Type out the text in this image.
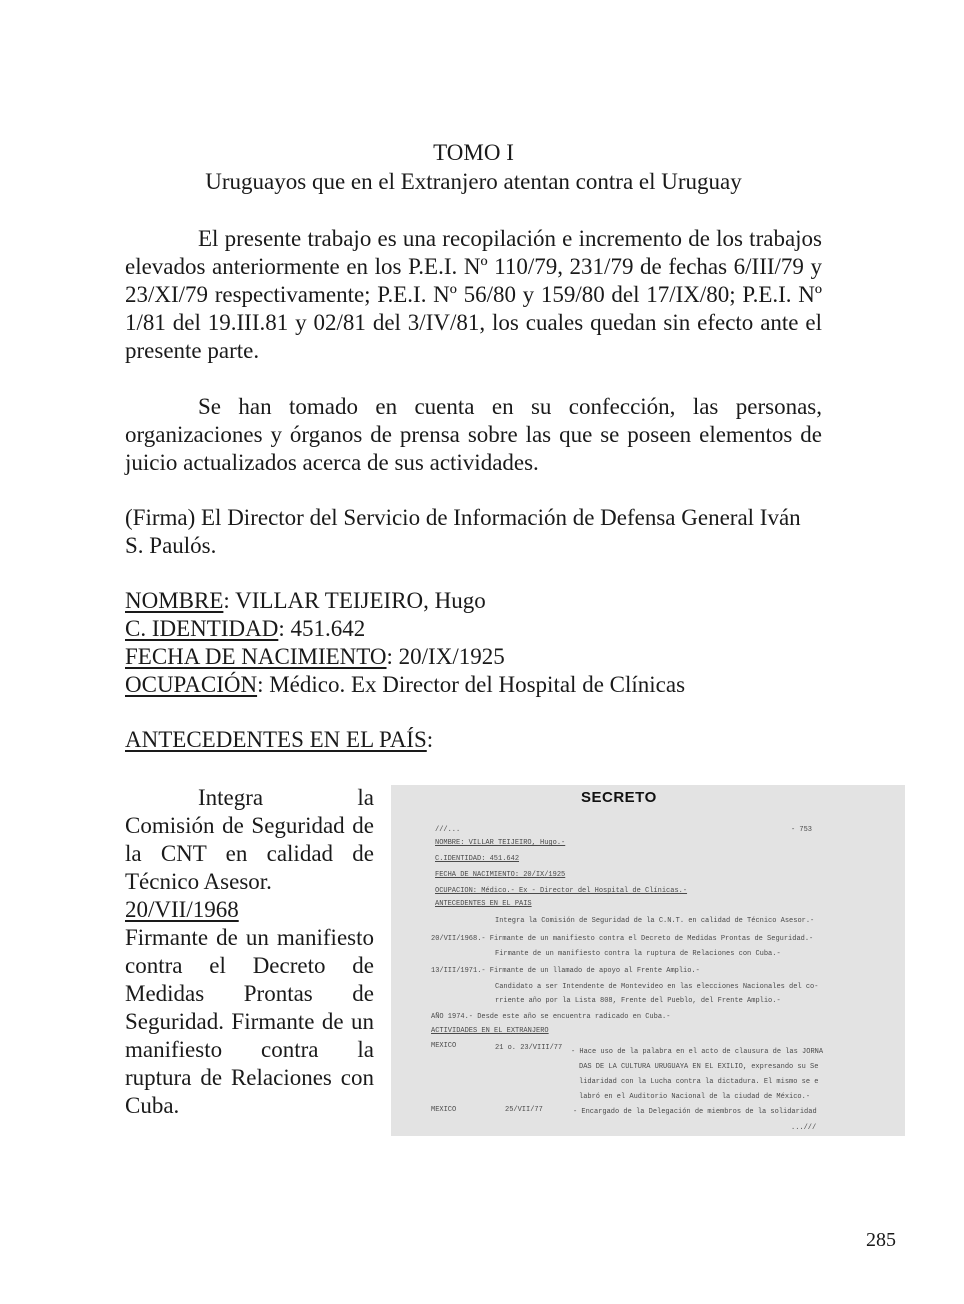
TOMO I
Uruguayos que en el Extranjero atentan contra el Uruguay
El presente trabajo es una recopilación e incremento de los trabajos elevados anteriormente en los P.E.I. Nº 110/79, 231/79 de fechas 6/III/79 y 23/XI/79 respectivamente; P.E.I. Nº 56/80 y 159/80 del 17/IX/80; P.E.I. Nº 1/81 del 19.III.81 y 02/81 del 3/IV/81, los cuales quedan sin efecto ante el presente parte.
Se han tomado en cuenta en su confección, las personas, organizaciones y órganos de prensa sobre las que se poseen elementos de juicio actualizados acerca de sus actividades.
(Firma) El Director del Servicio de Información de Defensa General Iván S. Paulós.
NOMBRE: VILLAR TEIJEIRO, Hugo
C. IDENTIDAD: 451.642
FECHA DE NACIMIENTO: 20/IX/1925
OCUPACIÓN: Médico. Ex Director del Hospital de Clínicas
ANTECEDENTES EN EL PAÍS:

Integra la Comisión de Seguridad de la CNT en calidad de Técnico Asesor.

20/VII/1968

Firmante de un manifiesto contra el Decreto de Medidas Prontas de Seguridad. Firmante de un manifiesto contra la ruptura de Relaciones con Cuba.

SECRETO
///...	- 753
NOMBRE: VILLAR TEIJEIRO, Hugo.-
C.IDENTIDAD: 451.642
FECHA DE NACIMIENTO: 20/IX/1925
OCUPACION: Médico.- Ex - Director del Hospital de Clínicas.-
ANTECEDENTES EN EL PAIS
Integra la Comisión de Seguridad de la C.N.T. en calidad de Técnico Asesor.-
20/VII/1968.- Firmante de un manifiesto contra el Decreto de Medidas Prontas de Seguridad.-
Firmante de un manifiesto contra la ruptura de Relaciones con Cuba.-
13/III/1971.- Firmante de un llamado de apoyo al Frente Amplio.-
Candidato a ser Intendente de Montevideo en las elecciones Nacionales del co-
rriente año por la Lista 808, Frente del Pueblo, del Frente Amplio.-
AÑO 1974.- Desde este año se encuentra radicado en Cuba.-
ACTIVIDADES EN EL EXTRANJERO
MEXICO	21 o. 23/VIII/77 - Hace uso de la palabra en el acto de clausura de las JORNA
DAS DE LA CULTURA URUGUAYA EN EL EXILIO, expresando su Se
lidaridad con la Lucha contra la dictadura. El mismo se e
labró en el Auditorio Nacional de la ciudad de México.-
MEXICO	25/VII/77	- Encargado de la Delegación de miembros de la solidaridad
...///
285
